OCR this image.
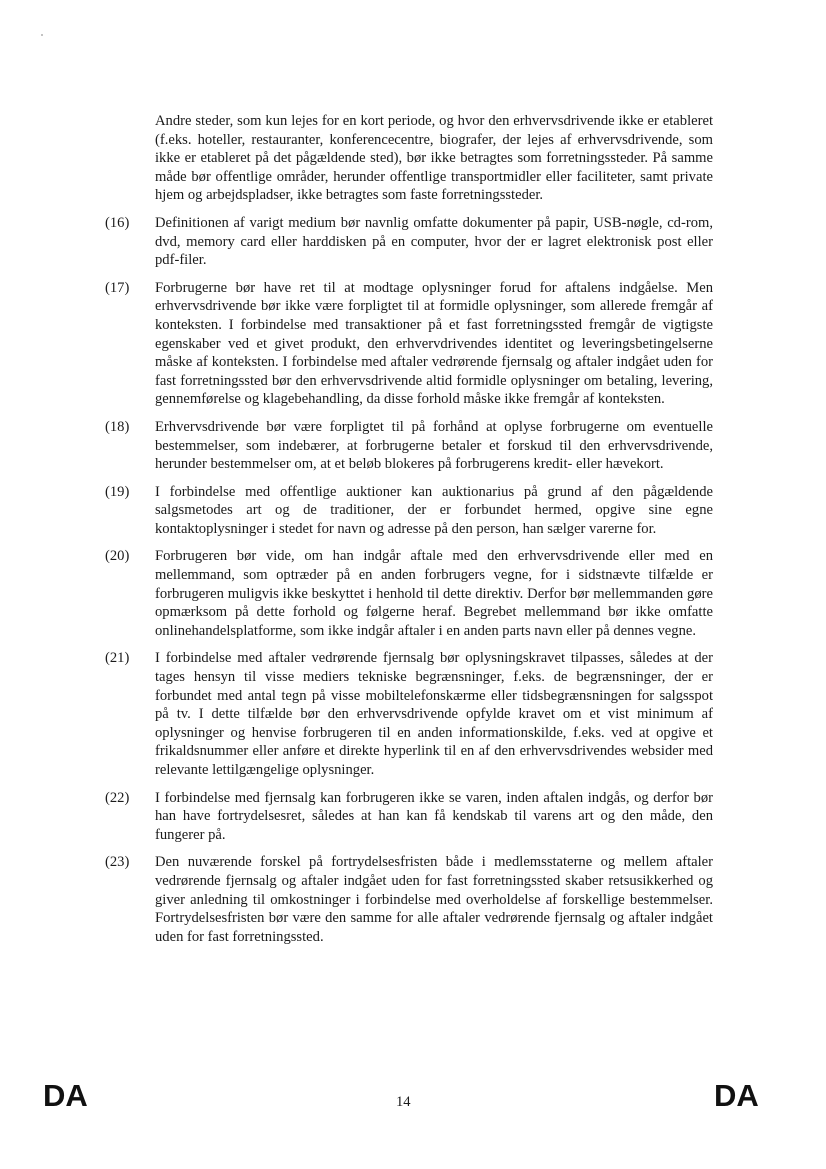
Andre steder, som kun lejes for en kort periode, og hvor den erhvervsdrivende ikke er etableret (f.eks. hoteller, restauranter, konferencecentre, biografer, der lejes af erhvervsdrivende, som ikke er etableret på det pågældende sted), bør ikke betragtes som forretningssteder. På samme måde bør offentlige områder, herunder offentlige transportmidler eller faciliteter, samt private hjem og arbejdspladser, ikke betragtes som faste forretningssteder.

(16)	Definitionen af varigt medium bør navnlig omfatte dokumenter på papir, USB-nøgle, cd-rom, dvd, memory card eller harddisken på en computer, hvor der er lagret elektronisk post eller pdf-filer.
(17)	Forbrugerne bør have ret til at modtage oplysninger forud for aftalens indgåelse. Men erhvervsdrivende bør ikke være forpligtet til at formidle oplysninger, som allerede fremgår af konteksten. I forbindelse med transaktioner på et fast forretningssted fremgår de vigtigste egenskaber ved et givet produkt, den erhvervdrivendes identitet og leveringsbetingelserne måske af konteksten. I forbindelse med aftaler vedrørende fjernsalg og aftaler indgået uden for fast forretningssted bør den erhvervsdrivende altid formidle oplysninger om betaling, levering, gennemførelse og klagebehandling, da disse forhold måske ikke fremgår af konteksten.
(18)	Erhvervsdrivende bør være forpligtet til på forhånd at oplyse forbrugerne om eventuelle bestemmelser, som indebærer, at forbrugerne betaler et forskud til den erhvervsdrivende, herunder bestemmelser om, at et beløb blokeres på forbrugerens kredit- eller hævekort.
(19)	I forbindelse med offentlige auktioner kan auktionarius på grund af den pågældende salgsmetodes art og de traditioner, der er forbundet hermed, opgive sine egne kontaktoplysninger i stedet for navn og adresse på den person, han sælger varerne for.
(20)	Forbrugeren bør vide, om han indgår aftale med den erhvervsdrivende eller med en mellemmand, som optræder på en anden forbrugers vegne, for i sidstnævte tilfælde er forbrugeren muligvis ikke beskyttet i henhold til dette direktiv. Derfor bør mellemmanden gøre opmærksom på dette forhold og følgerne heraf. Begrebet mellemmand bør ikke omfatte onlinehandelsplatforme, som ikke indgår aftaler i en anden parts navn eller på dennes vegne.
(21)	I forbindelse med aftaler vedrørende fjernsalg bør oplysningskravet tilpasses, således at der tages hensyn til visse mediers tekniske begrænsninger, f.eks. de begrænsninger, der er forbundet med antal tegn på visse mobiltelefonskærme eller tidsbegrænsningen for salgsspot på tv. I dette tilfælde bør den erhvervsdrivende opfylde kravet om et vist minimum af oplysninger og henvise forbrugeren til en anden informationskilde, f.eks. ved at opgive et frikaldsnummer eller anføre et direkte hyperlink til en af den erhvervsdrivendes websider med relevante lettilgængelige oplysninger.
(22)	I forbindelse med fjernsalg kan forbrugeren ikke se varen, inden aftalen indgås, og derfor bør han have fortrydelsesret, således at han kan få kendskab til varens art og den måde, den fungerer på.
(23)	Den nuværende forskel på fortrydelsesfristen både i medlemsstaterne og mellem aftaler vedrørende fjernsalg og aftaler indgået uden for fast forretningssted skaber retsusikkerhed og giver anledning til omkostninger i forbindelse med overholdelse af forskellige bestemmelser. Fortrydelsesfristen bør være den samme for alle aftaler vedrørende fjernsalg og aftaler indgået uden for fast forretningssted.
DA	14	DA
